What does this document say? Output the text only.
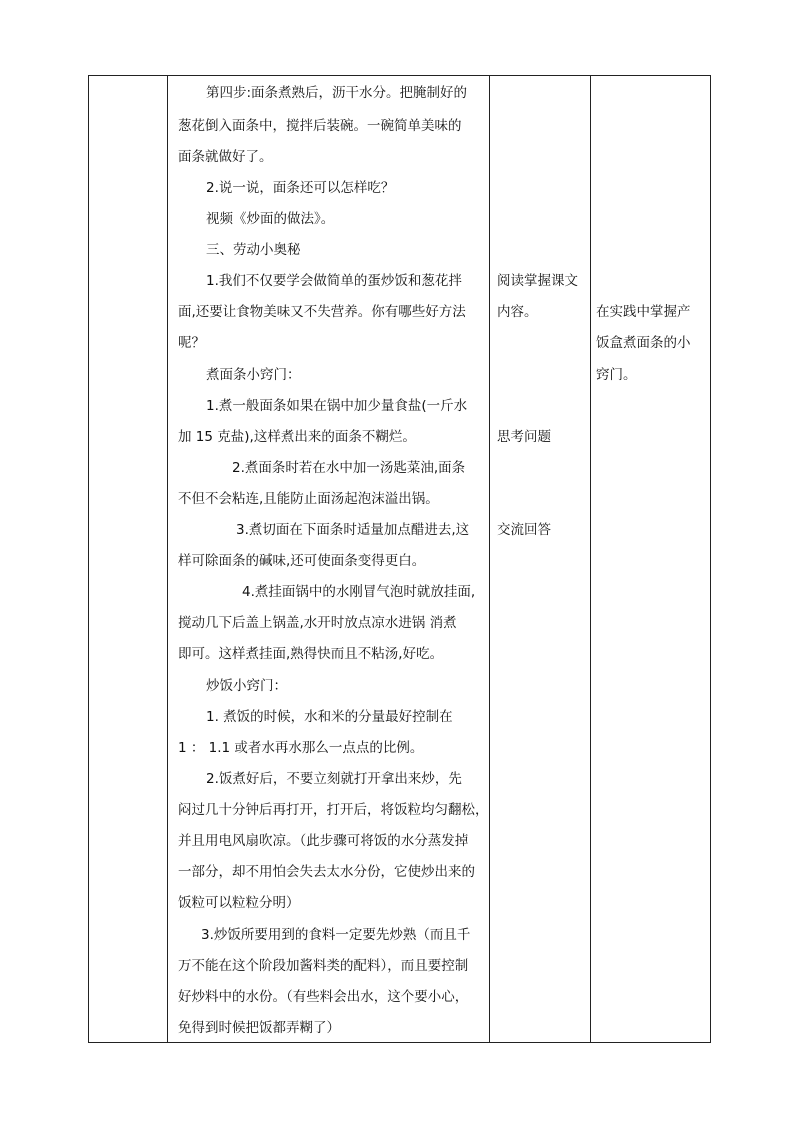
第四步:面条煮熟后，沥干水分。把腌制好的
葱花倒入面条中，搅拌后装碗。一碗简单美味的
面条就做好了。
2.说一说，面条还可以怎样吃？
视频《炒面的做法》。
三、劳动小奥秘
1.我们不仅要学会做简单的蛋炒饭和葱花拌
面,还要让食物美味又不失营养。你有哪些好方法
呢？
煮面条小窍门：
1.煮一般面条如果在锅中加少量食盐(一斤水
加 15 克盐),这样煮出来的面条不糊烂。
2.煮面条时若在水中加一汤匙菜油,面条
不但不会粘连,且能防止面汤起泡沫溢出锅。
3.煮切面在下面条时适量加点醋进去,这
样可除面条的碱味,还可使面条变得更白。
4.煮挂面锅中的水刚冒气泡时就放挂面,
搅动几下后盖上锅盖,水开时放点凉水进锅 消煮
即可。这样煮挂面,熟得快而且不粘汤,好吃。
炒饭小窍门：
1. 煮饭的时候，水和米的分量最好控制在
1 ： 1.1 或者水再水那么一点点的比例。
2.饭煮好后，不要立刻就打开拿出来炒，先
闷过几十分钟后再打开，打开后，将饭粒均匀翻松，
并且用电风扇吹凉。（此步骤可将饭的水分蒸发掉
一部分，却不用怕会失去太水分份，它使炒出来的
饭粒可以粒粒分明）
3.炒饭所要用到的食料一定要先炒熟（而且千
万不能在这个阶段加酱料类的配料），而且要控制
好炒料中的水份。（有些料会出水，这个要小心，
免得到时候把饭都弄糊了）

阅读掌握课文
内容。
思考问题
交流回答

在实践中掌握产
饭盒煮面条的小
窍门。
